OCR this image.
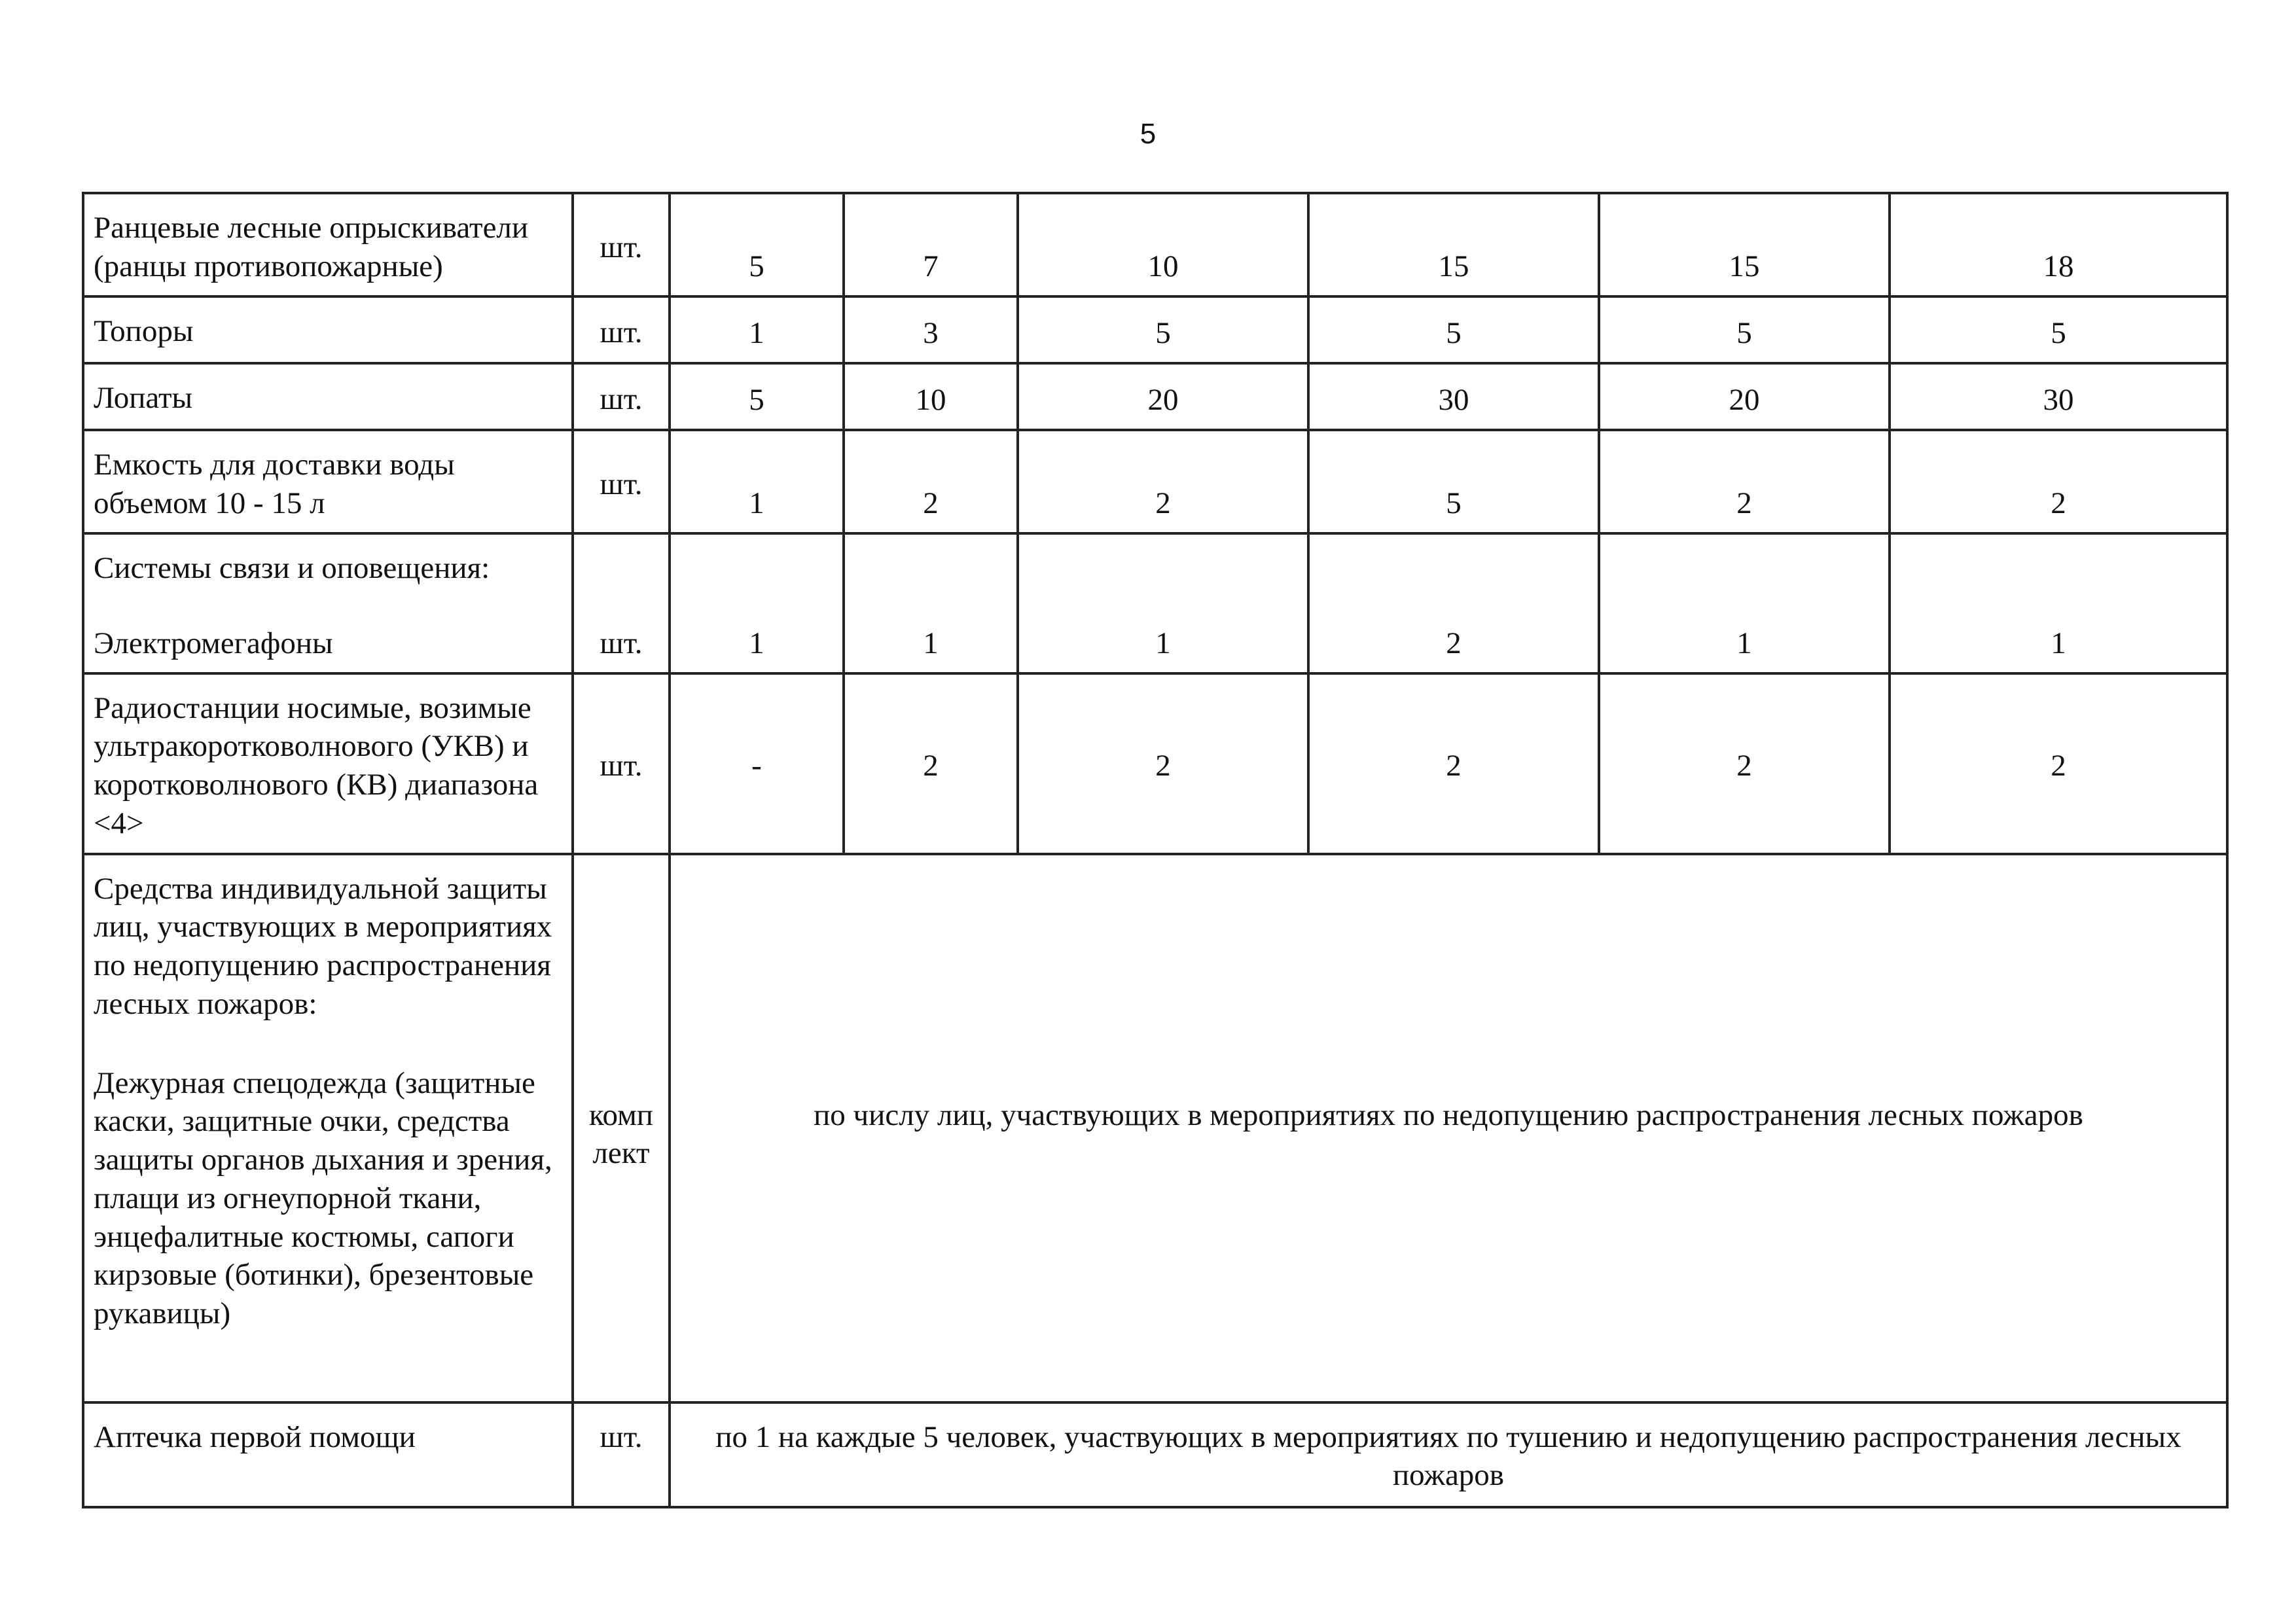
5
Ранцевые лесные опрыскиватели (ранцы противопожарные)	шт.	5	7	10	15	15	18
Топоры	шт.	1	3	5	5	5	5
Лопаты	шт.	5	10	20	30	20	30
Емкость для доставки воды объемом 10 - 15 л	шт.	1	2	2	5	2	2

Системы связи и оповещения:
Электромегафоны	шт.	1	1	1	2	1	1
Радиостанции носимые, возимые ультракоротковолнового (УКВ) и коротковолнового (КВ) диапазона <4>	шт.	-	2	2	2	2	2

Средства индивидуальной защиты лиц, участвующих в мероприятиях по недопущению распространения лесных пожаров:
Дежурная спецодежда (защитные каски, защитные очки, средства защиты органов дыхания и зрения, плащи из огнеупорной ткани, энцефалитные костюмы, сапоги кирзовые (ботинки), брезентовые рукавицы)	комп лект	по числу лиц, участвующих в мероприятиях по недопущению распространения лесных пожаров					

Аптечка первой помощи	шт.	по 1 на каждые 5 человек, участвующих в мероприятиях по тушению и недопущению распространения лесных пожаров					
